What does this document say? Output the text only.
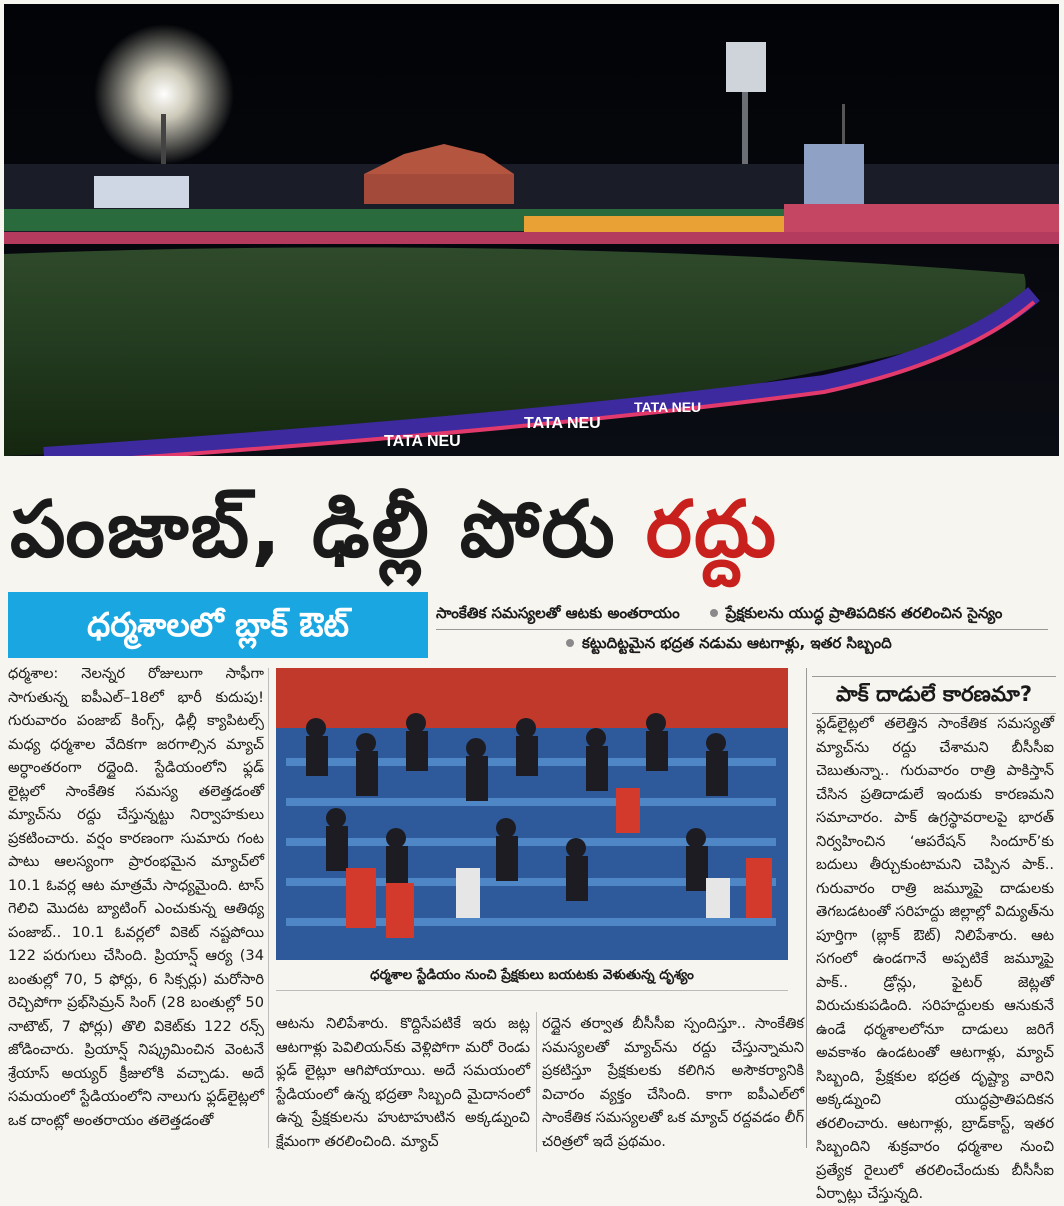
TATA NEU
TATA NEU
TATA NEU
పంజాబ్, ఢిల్లీ పోరు రద్దు
ధర్మశాలలో బ్లాక్ ఔట్	సాంకేతిక సమస్యలతో ఆటకు అంతరాయం	ప్రేక్షకులను యుద్ధ ప్రాతిపదికన తరలించిన సైన్యం
కట్టుదిట్టమైన భద్రత నడుమ ఆటగాళ్లు, ఇతర సిబ్బంది

ధర్మశాల: నెలన్నర రోజులుగా సాఫీగా సాగుతున్న ఐపీఎల్–18లో భారీ కుదుపు! గురువారం పంజాబ్ కింగ్స్, ఢిల్లీ క్యాపిటల్స్ మధ్య ధర్మశాల వేదికగా జరగాల్సిన మ్యాచ్ అర్ధాంతరంగా రద్దైంది. స్టేడియంలోని ఫ్లడ్ లైట్లలో సాంకేతిక సమస్య తలెత్తడంతో మ్యాచ్‌ను రద్దు చేస్తున్నట్టు నిర్వాహకులు ప్రకటించారు. వర్షం కారణంగా సుమారు గంట పాటు ఆలస్యంగా ప్రారంభమైన మ్యాచ్‌లో 10.1 ఓవర్ల ఆట మాత్రమే సాధ్యమైంది. టాస్ గెలిచి మొదట బ్యాటింగ్ ఎంచుకున్న ఆతిథ్య పంజాబ్.. 10.1 ఓవర్లలో వికెట్ నష్టపోయి 122 పరుగులు చేసింది. ప్రియాన్ష్ ఆర్య (34 బంతుల్లో 70, 5 ఫోర్లు, 6 సిక్సర్లు) మరోసారి రెచ్చిపోగా ప్రభ్‌సిమ్రన్ సింగ్ (28 బంతుల్లో 50 నాటౌట్, 7 ఫోర్లు) తొలి వికెట్‌కు 122 రన్స్ జోడించారు. ప్రియాన్ష్ నిష్క్రమించిన వెంటనే శ్రేయాస్ అయ్యర్ క్రీజులోకి వచ్చాడు. అదే సమయంలో స్టేడియంలోని నాలుగు ఫ్లడ్‌లైట్లలో ఒక దాంట్లో అంతరాయం తలెత్తడంతో

ధర్మశాల స్టేడియం నుంచి ప్రేక్షకులు బయటకు వెళుతున్న దృశ్యం

ఆటను నిలిపేశారు. కొద్దిసేపటికే ఇరు జట్ల ఆటగాళ్లు పెవిలియన్‌కు వెళ్లిపోగా మరో రెండు ఫ్లడ్ లైట్లూ ఆగిపోయాయి. అదే సమయంలో స్టేడియంలో ఉన్న భద్రతా సిబ్బంది మైదానంలో ఉన్న ప్రేక్షకులను హుటాహుటిన అక్కడ్నుంచి క్షేమంగా తరలించింది. మ్యాచ్

రద్దైన తర్వాత బీసీసీఐ స్పందిస్తూ.. సాంకేతిక సమస్యలతో మ్యాచ్‌ను రద్దు చేస్తున్నామని ప్రకటిస్తూ ప్రేక్షకులకు కలిగిన అసౌకర్యానికి విచారం వ్యక్తం చేసింది. కాగా ఐపీఎల్‌లో సాంకేతిక సమస్యలతో ఒక మ్యాచ్ రద్దవడం లీగ్ చరిత్రలో ఇదే ప్రథమం.

పాక్ దాడులే కారణమా?

ఫ్లడ్‌లైట్లలో తలెత్తిన సాంకేతిక సమస్యతో మ్యాచ్‌ను రద్దు చేశామని బీసీసీఐ చెబుతున్నా.. గురువారం రాత్రి పాకిస్తాన్ చేసిన ప్రతిదాడులే ఇందుకు కారణమని సమాచారం. పాక్ ఉగ్రస్థావరాలపై భారత్ నిర్వహించిన ‘ఆపరేషన్ సిందూర్’కు బదులు తీర్చుకుంటామని చెప్పిన పాక్.. గురువారం రాత్రి జమ్మూపై దాడులకు తెగబడటంతో సరిహద్దు జిల్లాల్లో విద్యుత్‌ను పూర్తిగా (బ్లాక్ ఔట్) నిలిపేశారు. ఆట సగంలో ఉండగానే అప్పటికే జమ్మూపై పాక్.. డ్రోన్లు, ఫైటర్ జెట్లతో విరుచుకుపడింది. సరిహద్దులకు ఆనుకునే ఉండే ధర్మశాలలోనూ దాడులు జరిగే అవకాశం ఉండటంతో ఆటగాళ్లు, మ్యాచ్ సిబ్బంది, ప్రేక్షకుల భద్రత దృష్ట్యా వారిని అక్కడ్నుంచి యుద్ధప్రాతిపదికన తరలించారు. ఆటగాళ్లు, బ్రాడ్‌కాస్ట్, ఇతర సిబ్బందిని శుక్రవారం ధర్మశాల నుంచి ప్రత్యేక రైలులో తరలించేందుకు బీసీసీఐ ఏర్పాట్లు చేస్తున్నది.
